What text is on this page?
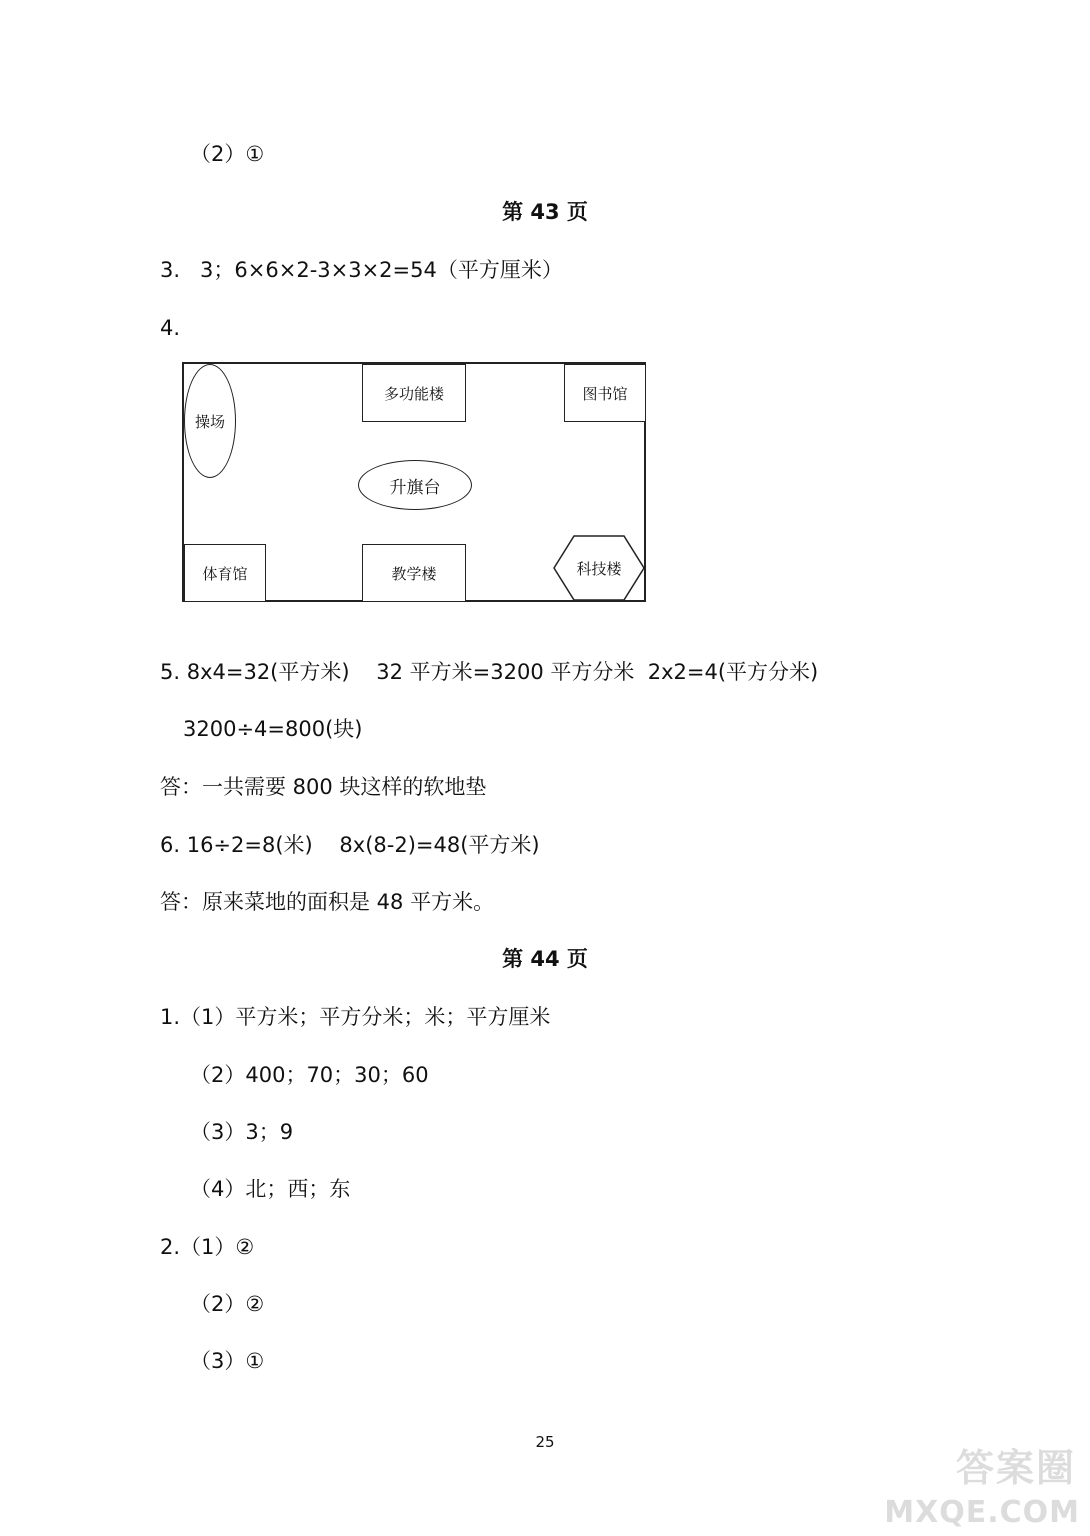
（2）①
第 43 页
3.   3；6×6×2-3×3×2=54（平方厘米）
4.
操场
多功能楼	图书馆
升旗台
体育馆	教学楼	科技楼
5. 8x4=32(平方米)    32 平方米=3200 平方分米  2x2=4(平方分米)
3200÷4=800(块)
答：一共需要 800 块这样的软地垫
6. 16÷2=8(米)    8x(8-2)=48(平方米)
答：原来菜地的面积是 48 平方米。
第 44 页
1.（1）平方米；平方分米；米；平方厘米
（2）400；70；30；60
（3）3；9
（4）北；西；东
2.（1）②
（2）②
（3）①
25
答案圈
MXQE.COM
